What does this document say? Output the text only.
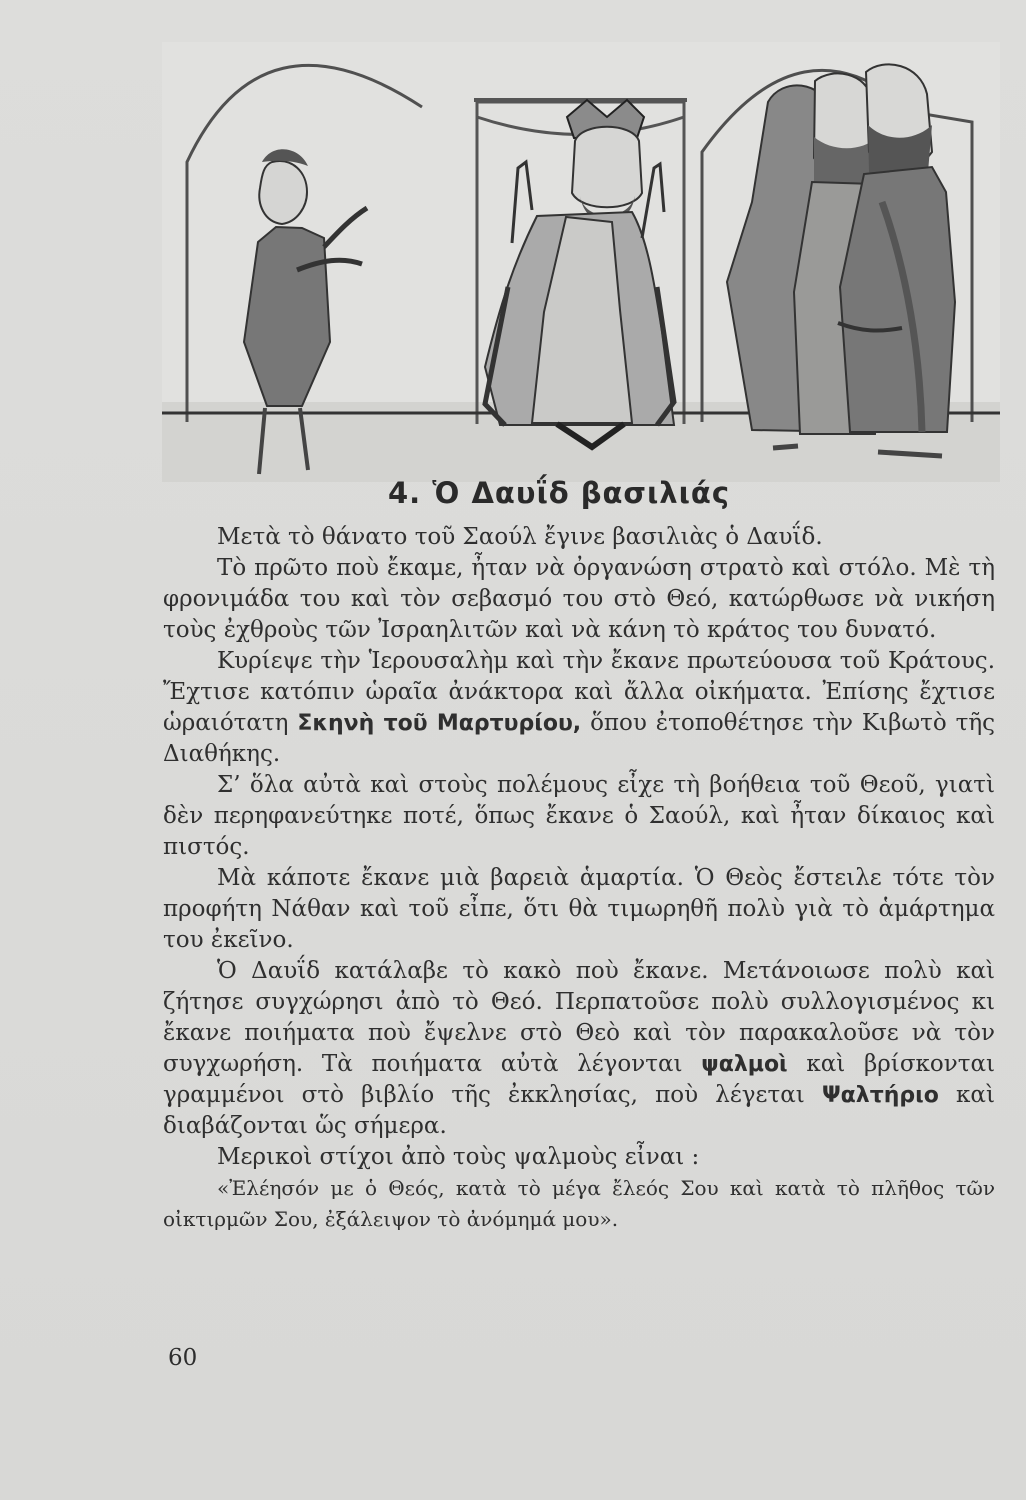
4. Ὁ Δαυΐδ βασιλιάς

Μετὰ τὸ θάνατο τοῦ Σαούλ ἔγινε βασιλιὰς ὁ Δαυΐδ.

Τὸ πρῶτο ποὺ ἔκαμε, ἦταν νὰ ὀργανώση στρατὸ καὶ στόλο. Μὲ τὴ φρονιμάδα του καὶ τὸν σεβασμό του στὸ Θεό, κατώρθωσε νὰ νικήση τοὺς ἐχθροὺς τῶν Ἰσραηλιτῶν καὶ νὰ κάνη τὸ κράτος του δυνατό.

Κυρίεψε τὴν Ἱερουσαλὴμ καὶ τὴν ἔκανε πρωτεύουσα τοῦ Κράτους. Ἔχτισε κατόπιν ὡραῖα ἀνάκτορα καὶ ἄλλα οἰκήματα. Ἐπίσης ἔχτισε ὡραιότατη Σκηνὴ τοῦ Μαρτυρίου, ὅπου ἐτοποθέτησε τὴν Κιβωτὸ τῆς Διαθήκης.

Σ’ ὅλα αὐτὰ καὶ στοὺς πολέμους εἶχε τὴ βοήθεια τοῦ Θεοῦ, γιατὶ δὲν περηφανεύτηκε ποτέ, ὅπως ἔκανε ὁ Σαούλ, καὶ ἦταν δίκαιος καὶ πιστός.

Μὰ κάποτε ἔκανε μιὰ βαρειὰ ἁμαρτία. Ὁ Θεὸς ἔστειλε τότε τὸν προφήτη Νάθαν καὶ τοῦ εἶπε, ὅτι θὰ τιμωρηθῆ πολὺ γιὰ τὸ ἁμάρτημα του ἐκεῖνο.

Ὁ Δαυΐδ κατάλαβε τὸ κακὸ ποὺ ἔκανε. Μετάνοιωσε πολὺ καὶ ζήτησε συγχώρησι ἀπὸ τὸ Θεό. Περπατοῦσε πολὺ συλλογισμένος κι ἔκανε ποιήματα ποὺ ἔψελνε στὸ Θεὸ καὶ τὸν παρακαλοῦσε νὰ τὸν συγχωρήση. Τὰ ποιήματα αὐτὰ λέγονται ψαλμοὶ καὶ βρίσκονται γραμμένοι στὸ βιβλίο τῆς ἐκκλησίας, ποὺ λέγεται Ψαλτήριο καὶ διαβάζονται ὥς σήμερα.

Μερικοὶ στίχοι ἀπὸ τοὺς ψαλμοὺς εἶναι :

«Ἐλέησόν με ὁ Θεός, κατὰ τὸ μέγα ἔλεός Σου καὶ κατὰ τὸ πλῆθος τῶν οἰκτιρμῶν Σου, ἐξάλειψον τὸ ἀνόμημά μου».

60
